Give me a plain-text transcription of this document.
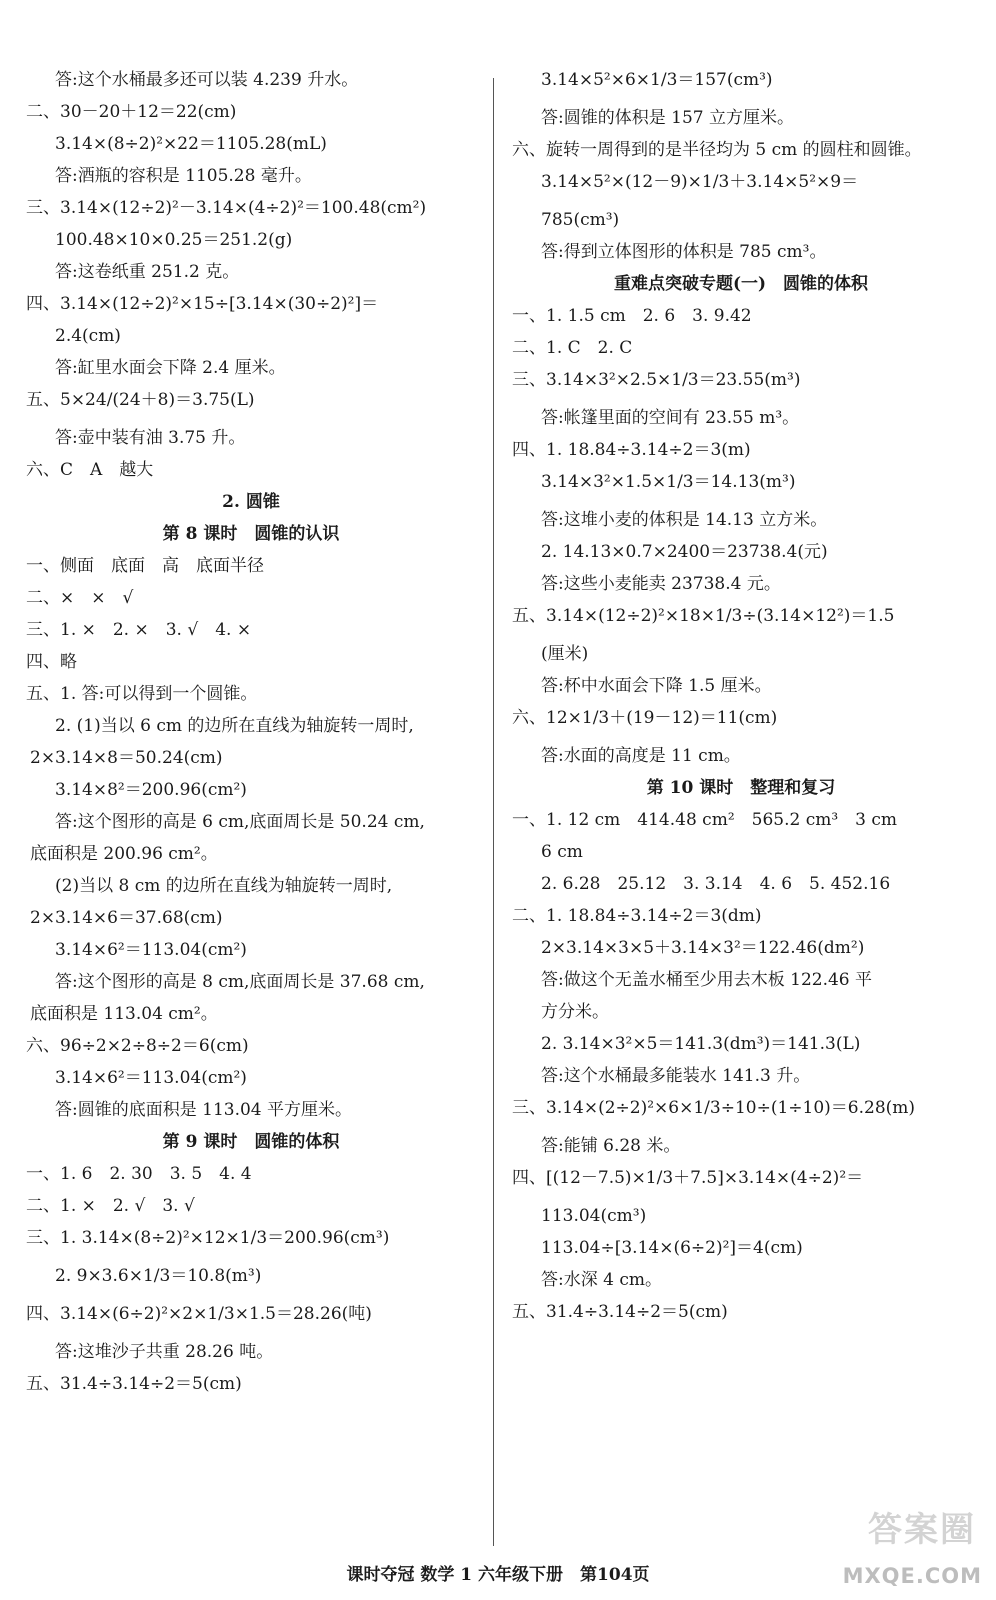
答:这个水桶最多还可以装 4.239 升水。
二、30－20＋12＝22(cm)
3.14×(8÷2)²×22＝1105.28(mL)
答:酒瓶的容积是 1105.28 毫升。
三、3.14×(12÷2)²－3.14×(4÷2)²＝100.48(cm²)
100.48×10×0.25＝251.2(g)
答:这卷纸重 251.2 克。
四、3.14×(12÷2)²×15÷[3.14×(30÷2)²]＝
2.4(cm)
答:缸里水面会下降 2.4 厘米。
五、5×24/(24＋8)＝3.75(L)
答:壶中装有油 3.75 升。
六、C　A　越大
2. 圆锥
第 8 课时　圆锥的认识
一、侧面　底面　高　底面半径
二、×　×　√
三、1. ×　2. ×　3. √　4. ×
四、略
五、1. 答:可以得到一个圆锥。
2. (1)当以 6 cm 的边所在直线为轴旋转一周时,
2×3.14×8＝50.24(cm)
3.14×8²＝200.96(cm²)
答:这个图形的高是 6 cm,底面周长是 50.24 cm,
底面积是 200.96 cm²。
(2)当以 8 cm 的边所在直线为轴旋转一周时,
2×3.14×6＝37.68(cm)
3.14×6²＝113.04(cm²)
答:这个图形的高是 8 cm,底面周长是 37.68 cm,
底面积是 113.04 cm²。
六、96÷2×2÷8÷2＝6(cm)
3.14×6²＝113.04(cm²)
答:圆锥的底面积是 113.04 平方厘米。
第 9 课时　圆锥的体积
一、1. 6　2. 30　3. 5　4. 4
二、1. ×　2. √　3. √
三、1. 3.14×(8÷2)²×12×1/3＝200.96(cm³)
2. 9×3.6×1/3＝10.8(m³)
四、3.14×(6÷2)²×2×1/3×1.5＝28.26(吨)
答:这堆沙子共重 28.26 吨。
五、31.4÷3.14÷2＝5(cm)
3.14×5²×6×1/3＝157(cm³)
答:圆锥的体积是 157 立方厘米。
六、旋转一周得到的是半径均为 5 cm 的圆柱和圆锥。
3.14×5²×(12－9)×1/3＋3.14×5²×9＝
785(cm³)
答:得到立体图形的体积是 785 cm³。
重难点突破专题(一)　圆锥的体积
一、1. 1.5 cm　2. 6　3. 9.42
二、1. C　2. C
三、3.14×3²×2.5×1/3＝23.55(m³)
答:帐篷里面的空间有 23.55 m³。
四、1. 18.84÷3.14÷2＝3(m)
3.14×3²×1.5×1/3＝14.13(m³)
答:这堆小麦的体积是 14.13 立方米。
2. 14.13×0.7×2400＝23738.4(元)
答:这些小麦能卖 23738.4 元。
五、3.14×(12÷2)²×18×1/3÷(3.14×12²)＝1.5
(厘米)
答:杯中水面会下降 1.5 厘米。
六、12×1/3＋(19－12)＝11(cm)
答:水面的高度是 11 cm。
第 10 课时　整理和复习
一、1. 12 cm　414.48 cm²　565.2 cm³　3 cm
6 cm
2. 6.28　25.12　3. 3.14　4. 6　5. 452.16
二、1. 18.84÷3.14÷2＝3(dm)
2×3.14×3×5＋3.14×3²＝122.46(dm²)
答:做这个无盖水桶至少用去木板 122.46 平
方分米。
2. 3.14×3²×5＝141.3(dm³)＝141.3(L)
答:这个水桶最多能装水 141.3 升。
三、3.14×(2÷2)²×6×1/3÷10÷(1÷10)＝6.28(m)
答:能铺 6.28 米。
四、[(12－7.5)×1/3＋7.5]×3.14×(4÷2)²＝
113.04(cm³)
113.04÷[3.14×(6÷2)²]＝4(cm)
答:水深 4 cm。
五、31.4÷3.14÷2＝5(cm)
课时夺冠 数学 1 六年级下册　第104页
答案圈
MXQE.COM
